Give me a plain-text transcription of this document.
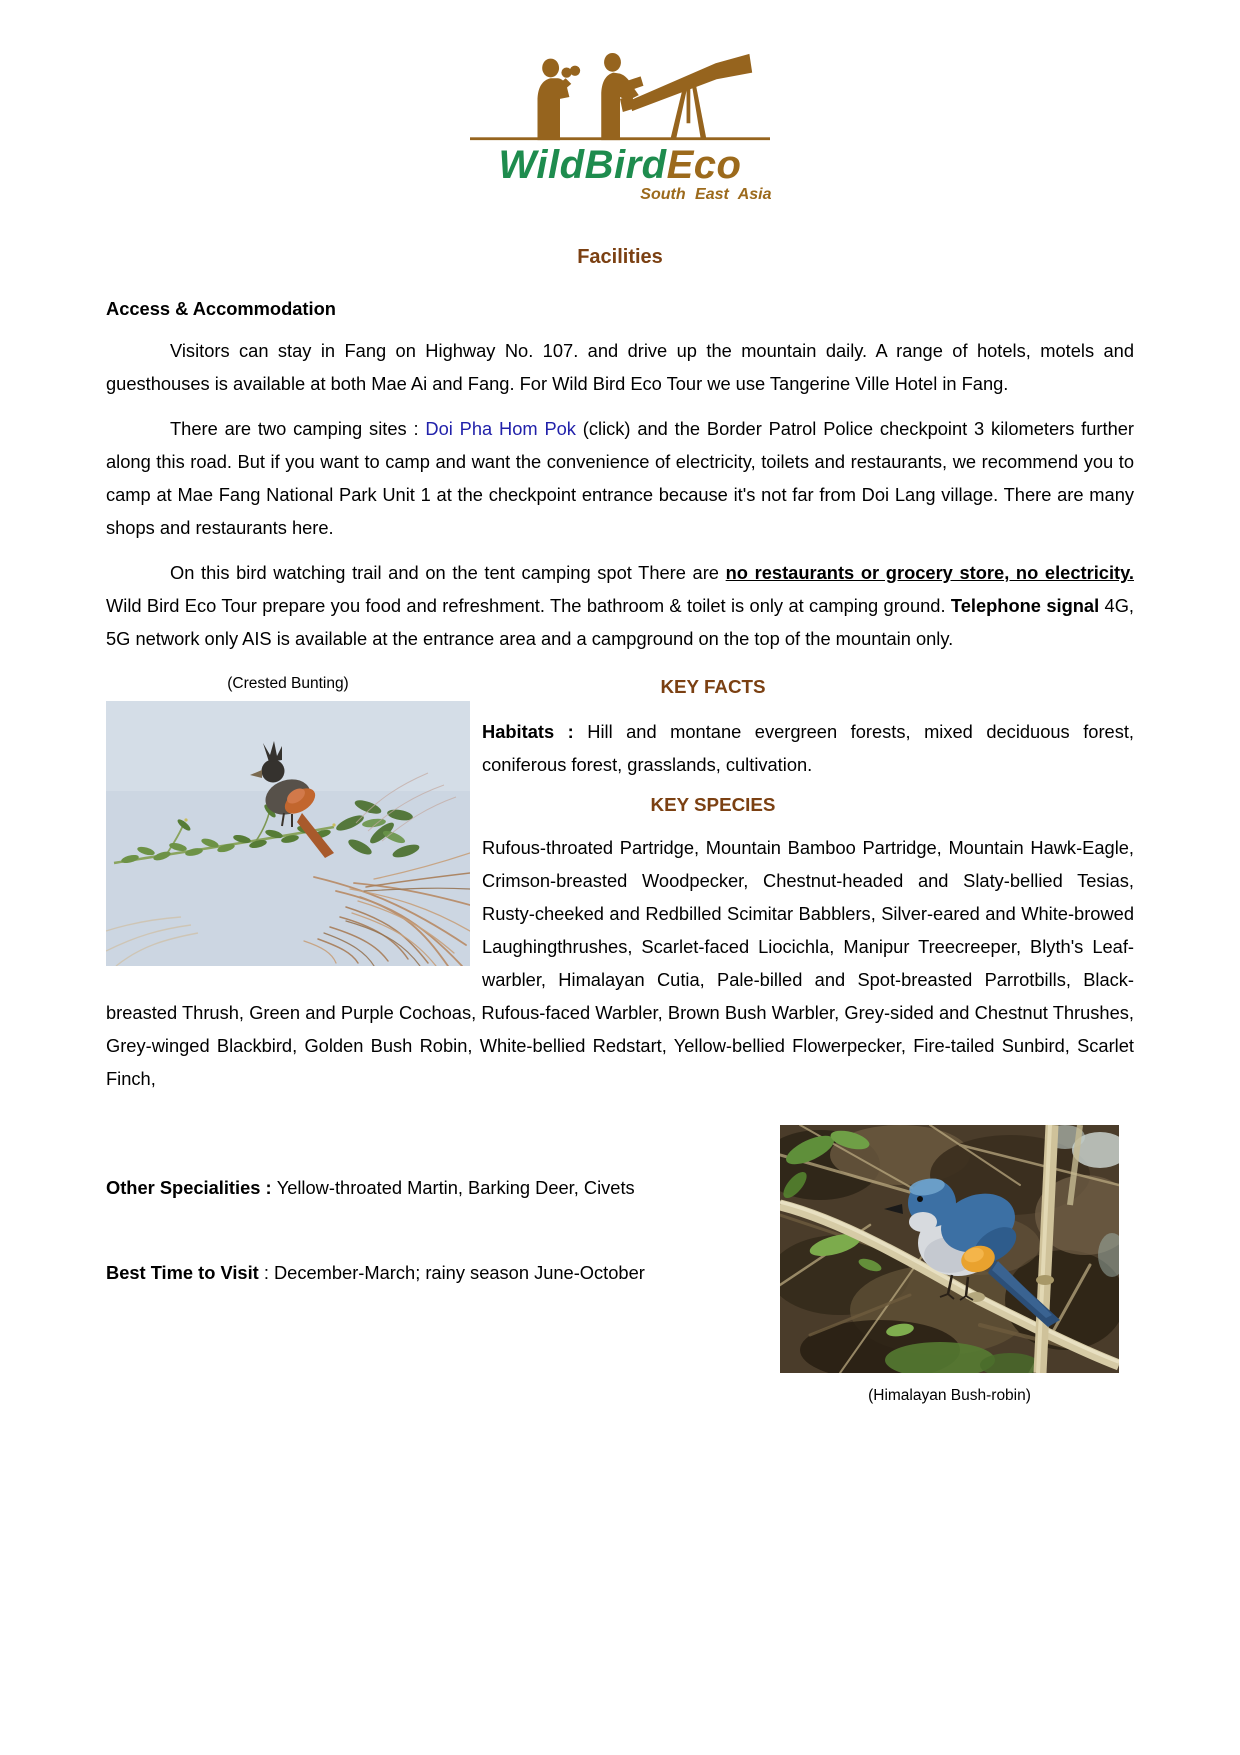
WildBirdEco
South East Asia
Facilities
Access & Accommodation

Visitors can stay in Fang on Highway No. 107. and drive up the mountain daily. A range of hotels, motels and guesthouses is available at both Mae Ai and Fang. For Wild Bird Eco Tour we use Tangerine Ville Hotel in Fang.

There are two camping sites : Doi Pha Hom Pok (click) and the Border Patrol Police checkpoint 3 kilometers further along this road. But if you want to camp and want the convenience of electricity, toilets and restaurants, we recommend you to camp at Mae Fang National Park Unit 1 at the checkpoint entrance because it's not far from Doi Lang village. There are many shops and restaurants here.

On this bird watching trail and on the tent camping spot There are no restaurants or grocery store, no electricity. Wild Bird Eco Tour prepare you food and refreshment. The bathroom & toilet is only at camping ground. Telephone signal 4G, 5G network only AIS is available at the entrance area and a campground on the top of the mountain only.

(Crested Bunting)	KEY FACTS

Habitats : Hill and montane evergreen forests, mixed deciduous forest, coniferous forest, grasslands, cultivation.

KEY SPECIES

Rufous-throated Partridge, Mountain Bamboo Partridge, Mountain Hawk-Eagle, Crimson-breasted Woodpecker, Chestnut-headed and Slaty-bellied Tesias, Rusty-cheeked and Redbilled Scimitar Babblers, Silver-eared and White-browed Laughingthrushes, Scarlet-faced Liocichla, Manipur Treecreeper, Blyth's Leaf-warbler, Himalayan Cutia, Pale-billed and Spot-breasted Parrotbills, Black-breasted Thrush, Green and Purple Cochoas, Rufous-faced Warbler, Brown Bush Warbler, Grey-sided and Chestnut Thrushes, Grey-winged Blackbird, Golden Bush Robin, White-bellied Redstart, Yellow-bellied Flowerpecker, Fire-tailed Sunbird, Scarlet Finch,

Other Specialities : Yellow-throated Martin, Barking Deer, Civets

Best Time to Visit : December-March; rainy season June-October

(Himalayan Bush-robin)
